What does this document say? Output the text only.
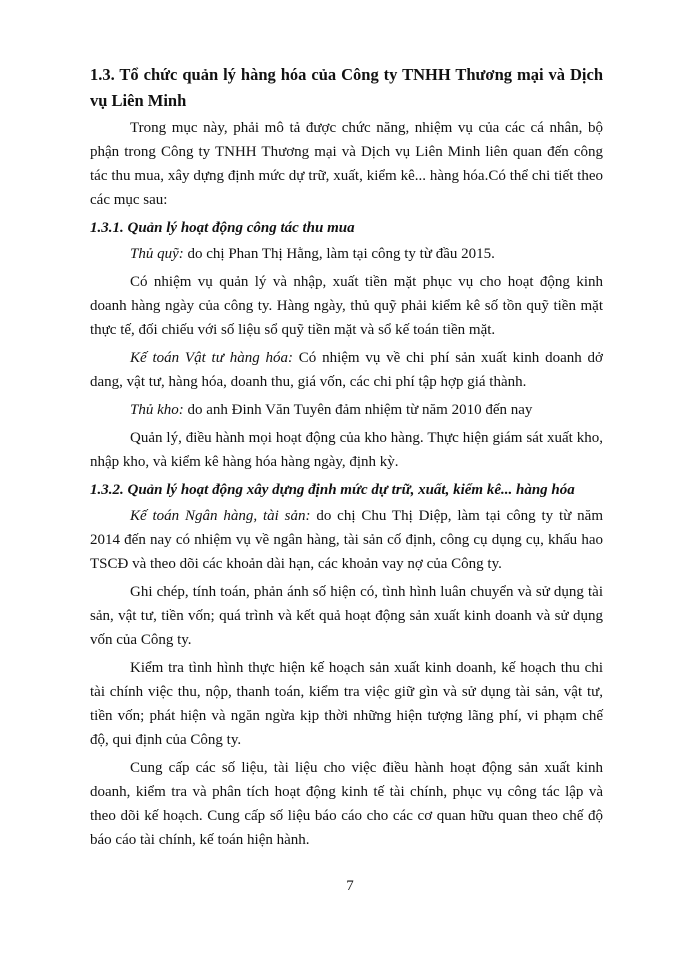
1.3. Tổ chức quản lý hàng hóa của Công ty TNHH Thương mại và Dịch vụ Liên Minh
Trong mục này, phải mô tả được chức năng, nhiệm vụ của các cá nhân, bộ phận trong Công ty TNHH Thương mại và Dịch vụ Liên Minh liên quan đến công tác thu mua, xây dựng định mức dự trữ, xuất, kiểm kê... hàng hóa.Có thể chi tiết theo các mục sau:
1.3.1. Quản lý hoạt động công tác thu mua
Thủ quỹ: do chị Phan Thị Hằng, làm tại công ty từ đầu 2015.
Có nhiệm vụ quản lý và nhập, xuất tiền mặt phục vụ cho hoạt động kinh doanh hàng ngày của công ty. Hàng ngày, thủ quỹ phải kiểm kê số tồn quỹ tiền mặt thực tế, đối chiếu với số liệu sổ quỹ tiền mặt và sổ kế toán tiền mặt.
Kế toán Vật tư hàng hóa: Có nhiệm vụ về chi phí sản xuất kinh doanh dở dang, vật tư, hàng hóa, doanh thu, giá vốn, các chi phí tập hợp giá thành.
Thủ kho: do anh Đinh Văn Tuyên đảm nhiệm từ năm 2010 đến nay
Quản lý, điều hành mọi hoạt động của kho hàng. Thực hiện giám sát xuất kho, nhập kho, và kiểm kê hàng hóa hàng ngày, định kỳ.
1.3.2. Quản lý hoạt động xây dựng định mức dự trữ, xuất, kiểm kê... hàng hóa
Kế toán Ngân hàng, tài sản: do chị Chu Thị Diệp, làm tại công ty từ năm 2014 đến nay có nhiệm vụ về ngân hàng, tài sản cố định, công cụ dụng cụ, khấu hao TSCĐ và theo dõi các khoản dài hạn, các khoản vay nợ của Công ty.
Ghi chép, tính toán, phản ánh số hiện có, tình hình luân chuyển và sử dụng tài sản, vật tư, tiền vốn; quá trình và kết quả hoạt động sản xuất kinh doanh và sử dụng vốn của Công ty.
Kiểm tra tình hình thực hiện kế hoạch sản xuất kinh doanh, kế hoạch thu chi tài chính việc thu, nộp, thanh toán, kiểm tra việc giữ gìn và sử dụng tài sản, vật tư, tiền vốn; phát hiện và ngăn ngừa kịp thời những hiện tượng lãng phí, vi phạm chế độ, qui định của Công ty.
Cung cấp các số liệu, tài liệu cho việc điều hành hoạt động sản xuất kinh doanh, kiểm tra và phân tích hoạt động kinh tế tài chính, phục vụ công tác lập và theo dõi kế hoạch. Cung cấp số liệu báo cáo cho các cơ quan hữu quan theo chế độ báo cáo tài chính, kế toán hiện hành.
7
